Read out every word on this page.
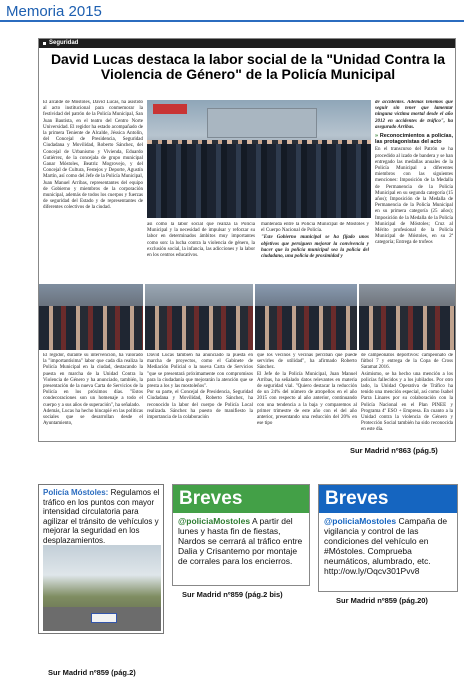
Memoria 2015
Seguridad
David Lucas destaca la labor social de la "Unidad Contra la Violencia de Género" de la Policía Municipal

El alcalde de Móstoles, David Lucas, ha asistido al acto institucional para conmemorar la festividad del patrón de la Policía Municipal, San Juan Bautista, en el teatro del Centro Norte Universidad. El regidor ha estado acompañado de la primera Teniente de Alcalde, Jéssica Antolín, del Concejal de Presidencia, Seguridad Ciudadana y Movilidad, Roberto Sánchez, del Concejal de Urbanismo y Vivienda, Eduardo Gutiérrez, de la concejala de grupo municipal Ganar Móstoles, Beatriz Mogrovejo, y del Concejal de Cultura, Festejos y Deporte, Agustín Martín, así como del Jefe de la Policía Municipal, Juan Manuel Arribas, representantes del equipo de Gobierno y miembros de la corporación municipal, además de todos los cuerpos y fuerzas de seguridad del Estado y de representantes de diferentes colectivos de la ciudad.

así como la labor social que realiza la Policía Municipal y la necesidad de impulsar y reforzar su labor en determinados ámbitos muy importantes como son: la lucha contra la violencia de género, la exclusión social, la infancia, las adicciones y la labor en los centros educativos.

mantenida entre la Policía Municipal de Móstoles y el Cuerpo Nacional de Policía.

"Este Gobierno municipal se ha fijado unos objetivos que persiguen mejorar la convivencia y hacer que la policía municipal sea la policía del ciudadano, una policía de proximidad y

de accidentes. Además tenemos que seguir sin tener que lamentar ninguna víctima mortal desde el año 2012 en accidentes de tráfico", ha asegurado Arribas.

» Reconocimientos a policías, las protagonistas del acto

En el transcurso del Patrón se ha procedido al izado de bandera y se han entregado las medallas anuales de la Policía Municipal a diferentes miembros con las siguientes menciones: Imposición de la Medalla de Permanencia de la Policía Municipal en su segunda categoría (15 años); Imposición de la Medalla de Permanencia de la Policía Municipal en su primera categoría (25 años); Imposición de la Medalla de la Policía Municipal de Móstoles; Cruz al Mérito profesional de la Policía Municipal de Móstoles, en su 2ª categoría; Entrega de trofeos

El regidor, durante su intervención, ha valorado la "importantísima" labor que cada día realiza la Policía Municipal en la ciudad, destacando la puesta en marcha de la Unidad Contra la Violencia de Género y ha anunciado, también, la presentación de la nueva Carta de Servicios de la Policía en los próximos días. "Estos condecoraciones son un homenaje a todo el cuerpo y a sus años de superación", ha señalado.
Además, Lucas ha hecho hincapié en las políticas sociales que se desarrollan desde el Ayuntamiento,
David Lucas también ha anunciado la puesta en marcha de proyectos, como el Gabinete de Mediación Policial o la nueva Carta de Servicios "que se presentará próximamente con compromisos para la ciudadanía que mejorarán la atención que se presta a los y las mostoleños".
Por su parte, el Concejal de Presidencia, Seguridad Ciudadana y Movilidad, Roberto Sánchez, ha reconocido la labor del cuerpo de Policía Local realizada. Sánchez ha puesto de manifiesto la importancia de la colaboración
que los vecinos y vecinas perciban que puede servirles de utilidad", ha afirmado Roberto Sánchez.
El Jefe de la Policía Municipal, Juan Manuel Arribas, ha señalado datos relevantes en materia de seguridad vial. "Quiero destacar la reducción de un 24% del número de atropellos en el año 2015 con respecto al año anterior, continuando con una tendencia a la baja y comparemos al primer trimestre de este año con el del año anterior, presentando una reducción del 20% en ese tipo
de campeonatos deportivos: campeonato de fútbol 7 y entrega de la Copa de Cross Saramat 2016.
Asimismo, se ha hecho una mención a los policías fallecidos y a los jubilados. Por otro lado, la Unidad Operativa de Tráfico ha tenido una mención especial, así como Isabel Parra Linares por su colaboración con la Policía Nacional en el Plan PINEE y Programa 4º ESO + Empresa. En cuanto a la Unidad contra la violencia de Género y Protección Social también ha sido reconocida en este día.
Sur Madrid nº863 (pág.5)
Policía Móstoles: Regulamos el tráfico en los puntos con mayor intensidad circulatoria para agilizar el tránsito de vehículos y mejorar la seguridad en los desplazamientos.
Sur Madrid nº859 (pág.2)
Breves
@policiaMostoles A partir del lunes y hasta fin de fiestas, Nardos se cerrará al tráfico entre Dalia y Crisantemo por montaje de corrales para los encierros.
Sur Madrid nº859 (pág.2 bis)
Breves
@policiaMostoles Campaña de vigilancia y control de las condiciones del vehículo en #Móstoles. Comprueba neumáticos, alumbrado, etc. http://ow.ly/Oqcv301Pvv8
Sur Madrid nº859 (pág.20)
